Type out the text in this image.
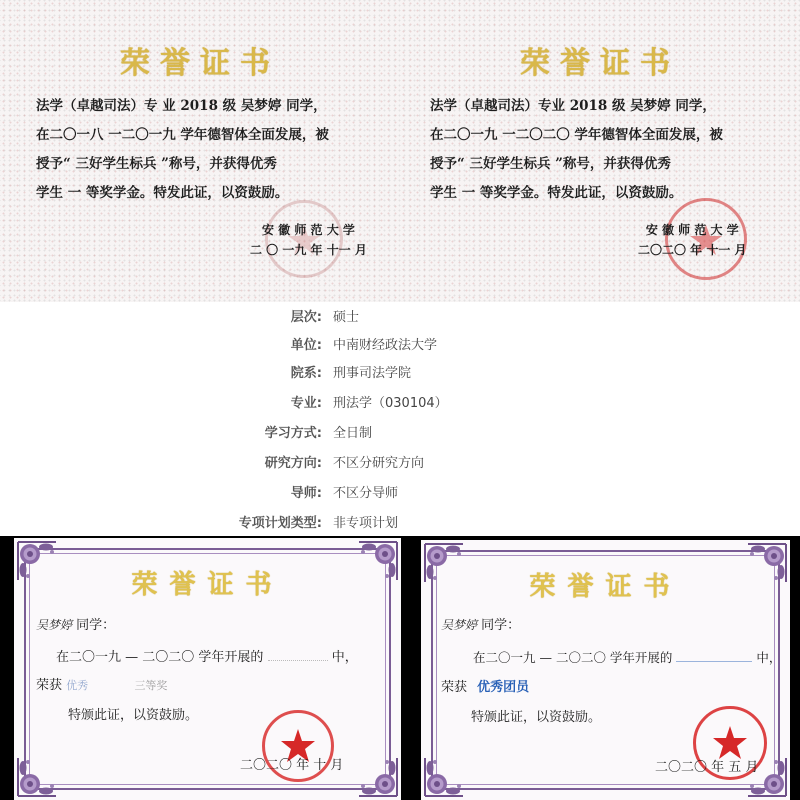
荣誉证书
法学（卓越司法）专 业 2018 级 吴梦婷 同学，
在二〇一八 一二〇一九 学年德智体全面发展，被
授予“ 三好学生标兵 ”称号，并获得优秀
学生 一 等奖学金。特发此证，以资鼓励。
安 徽 师 范 大 学
二 〇 一九 年 十一 月
荣誉证书
法学（卓越司法）专业 2018 级 吴梦婷 同学，
在二〇一九 一二〇二〇 学年德智体全面发展，被
授予“ 三好学生标兵 ”称号，并获得优秀
学生 一 等奖学金。特发此证，以资鼓励。
安 徽 师 范 大 学
二〇二〇 年 十一 月
层次: 硕士
单位: 中南财经政法大学
院系: 刑事司法学院
专业: 刑法学（030104）
学习方式: 全日制
研究方向: 不区分研究方向
导师: 不区分导师
专项计划类型: 非专项计划
荣誉证书
吴梦婷 同学：
在二〇一九 — 二〇二〇 学年开展的	中，
荣获 优秀	三等奖
特颁此证，以资鼓励。
二〇二〇 年 十 月
荣誉证书
吴梦婷 同学：
在二〇一九 — 二〇二〇 学年开展的	中，
荣获 优秀团员
特颁此证，以资鼓励。
二〇二〇 年 五 月
